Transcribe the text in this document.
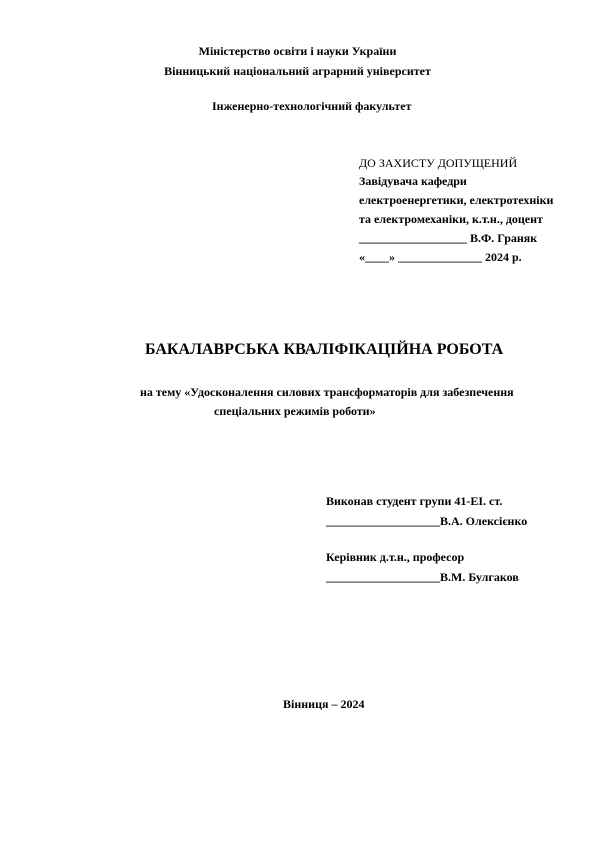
Міністерство освіти і науки України
Вінницький національний аграрний університет
Інженерно-технологічний факультет
ДО ЗАХИСТУ ДОПУЩЕНИЙ
Завідувача кафедри
електроенергетики, електротехніки
та електромеханіки, к.т.н., доцент
__________________ В.Ф. Граняк
«____» ______________ 2024 р.
БАКАЛАВРСЬКА КВАЛІФІКАЦІЙНА РОБОТА
на тему «Удосконалення силових трансформаторів для забезпечення
спеціальних режимів роботи»
Виконав студент групи 41-ЕІ. ст.
___________________В.А. Олексієнко
Керівник д.т.н., професор
___________________В.М. Булгаков
Вінниця – 2024
